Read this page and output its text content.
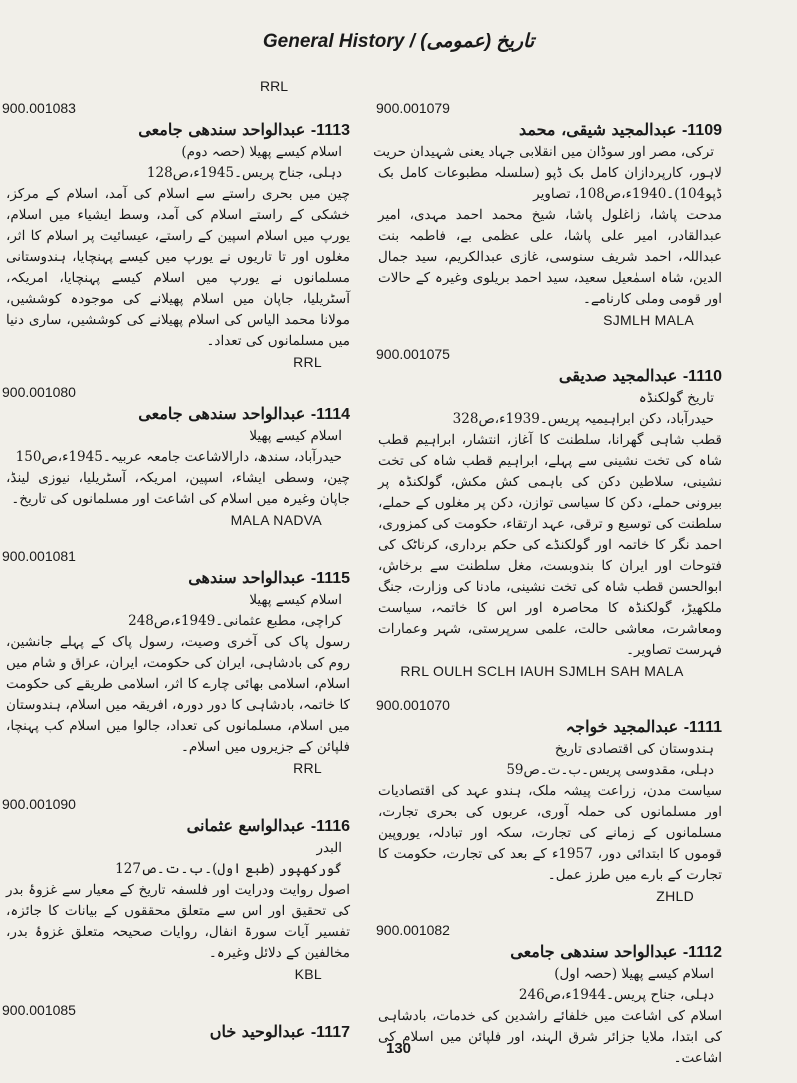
General History / تاریخ (عمومی)
RRL
900.001083
1113- عبدالواحد سندھی جامعی
اسلام کیسے پھیلا (حصہ دوم)
دہلی، جناح پریس۔1945ء،ص128
چین میں بحری راستے سے اسلام کی آمد، اسلام کے مرکز، خشکی کے راستے اسلام کی آمد، وسط ایشیاء میں اسلام، یورپ میں اسلام اسپین کے راستے، عیسائیت پر اسلام کا اثر، مغلوں اور تا تاریوں نے یورپ میں کیسے پہنچایا، ہندوستانی مسلمانوں نے یورپ میں اسلام کیسے پہنچایا، امریکہ، آسٹریلیا، جاپان میں اسلام پھیلانے کی موجودہ کوششیں، مولانا محمد الیاس کی اسلام پھیلانے کی کوششیں، ساری دنیا میں مسلمانوں کی تعداد۔
RRL
900.001080
1114- عبدالواحد سندھی جامعی
اسلام کیسے پھیلا
حیدرآباد، سندھ، دارالاشاعت جامعہ عربیہ۔1945ء،ص150
چین، وسطی ایشاء، اسپین، امریکہ، آسٹریلیا، نیوزی لینڈ، جاپان وغیرہ میں اسلام کی اشاعت اور مسلمانوں کی تاریخ۔
MALA NADVA
900.001081
1115- عبدالواحد سندھی
اسلام کیسے پھیلا
کراچی، مطبع عثمانی۔1949ء،ص248
رسول پاک کی آخری وصیت، رسول پاک کے پہلے جانشین، روم کی بادشاہی، ایران کی حکومت، ایران، عراق و شام میں اسلام، اسلامی بھائی چارے کا اثر، اسلامی طریقے کی حکومت کا خاتمہ، بادشاہی کا دور دورہ، افریقہ میں اسلام، ہندوستان میں اسلام، مسلمانوں کی تعداد، جالوا میں اسلام کب پہنچا، فلپائن کے جزیروں میں اسلام۔
RRL
900.001090
1116- عبدالواسع عثمانی
البدر
گورکھپور (طبع اول)۔ب۔ت۔ص127
اصول روایت ودرایت اور فلسفہ تاریخ کے معیار سے غزوۂ بدر کی تحقیق اور اس سے متعلق محققوں کے بیانات کا جائزہ، تفسیر آیات سورۃ انفال، روایات صحیحہ متعلق غزوۂ بدر، مخالفین کے دلائل وغیرہ۔
KBL
900.001085
1117- عبدالوحید خاں
900.001079
1109- عبدالمجید شیقی، محمد
ترکی، مصر اور سوڈان میں انقلابی جہاد یعنی شہیدان حریت
لاہور، کارپردازان کامل بک ڈپو (سلسلہ مطبوعات کامل بک ڈپو104)۔1940ء،ص108، تصاویر
مدحت پاشا، زاغلول پاشا، شیخ محمد احمد مہدی، امیر عبدالقادر، امیر علی پاشا، علی عظمی بے، فاطمہ بنت عبداللہ، احمد شریف سنوسی، غازی عبدالکریم، سید جمال الدین، شاہ اسمٰعیل سعید، سید احمد بریلوی وغیرہ کے حالات اور قومی وملی کارنامے۔
SJMLH MALA
900.001075
1110- عبدالمجید صدیقی
تاریخ گولکنڈہ
حیدرآباد، دکن ابراہیمیہ پریس۔1939ء،ص328
قطب شاہی گھرانا، سلطنت کا آغاز، انتشار، ابراہیم قطب شاہ کی تخت نشینی سے پہلے، ابراہیم قطب شاہ کی تخت نشینی، سلاطین دکن کی باہمی کش مکش، گولکنڈہ پر بیرونی حملے، دکن کا سیاسی توازن، دکن پر مغلوں کے حملے، سلطنت کی توسیع و ترقی، عہد ارتقاء، حکومت کی کمزوری، احمد نگر کا خاتمہ اور گولکنڈے کی حکم برداری، کرناٹک کی فتوحات اور ایران کا بندوبست، مغل سلطنت سے برخاش، ابوالحسن قطب شاہ کی تخت نشینی، مادنا کی وزارت، جنگ ملکھیڑ، گولکنڈہ کا محاصرہ اور اس کا خاتمہ، سیاست ومعاشرت، معاشی حالت، علمی سرپرستی، شہر وعمارات فہرست تصاویر۔
RRL OULH SCLH IAUH SJMLH SAH MALA
900.001070
1111- عبدالمجید خواجہ
ہندوستان کی اقتصادی تاریخ
دہلی، مقدوسی پریس۔ب۔ت۔ص59
سیاست مدن، زراعت پیشہ ملک، ہندو عہد کی اقتصادیات اور مسلمانوں کی حملہ آوری، عربوں کی بحری تجارت، مسلمانوں کے زمانے کی تجارت، سکہ اور تبادلہ، یوروپین قوموں کا ابتدائی دور، 1957ء کے بعد کی تجارت، حکومت کا تجارت کے بارے میں طرز عمل۔
ZHLD
900.001082
1112- عبدالواحد سندھی جامعی
اسلام کیسے پھیلا (حصہ اول)
دہلی، جناح پریس۔1944ء،ص246
اسلام کی اشاعت میں خلفائے راشدین کی خدمات، بادشاہی کی ابتدا، ملایا جزائر شرق الہند، اور فلپائن میں اسلام کی اشاعت۔
130
